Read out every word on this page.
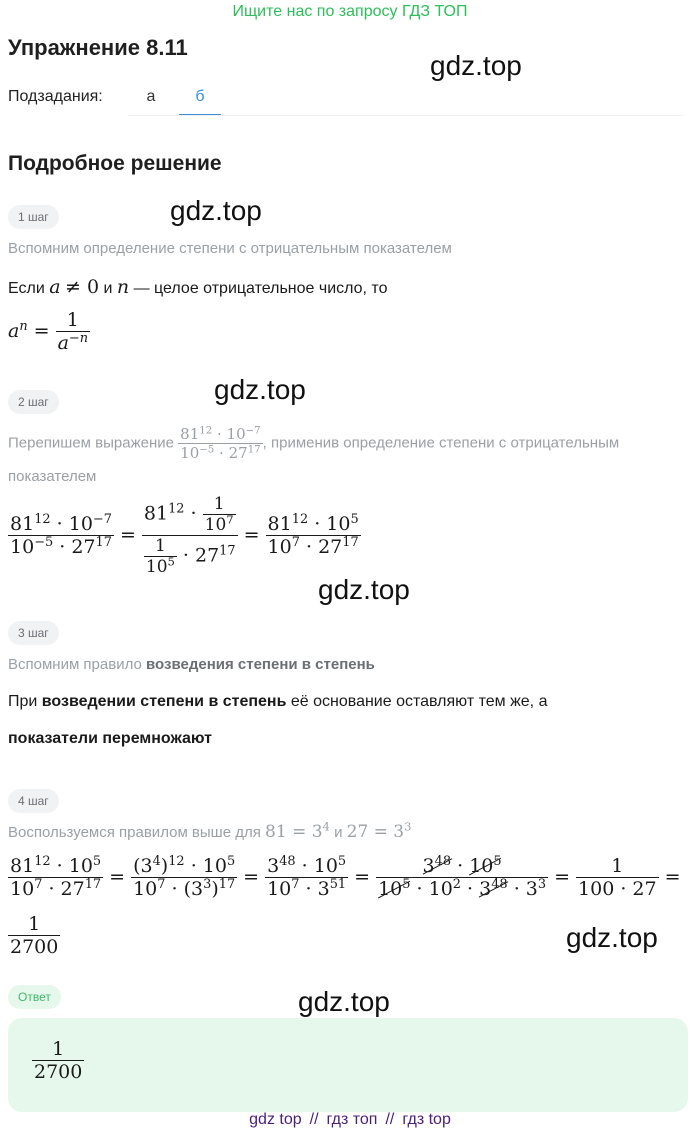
Ищите нас по запросу ГДЗ ТОП
Упражнение 8.11
gdz.top
gdz.top
gdz.top
gdz.top
gdz.top
gdz.top
Подзадания:	а	б
Подробное решение
1 шаг
Вспомним определение степени с отрицательным показателем
Если a ≠ 0 и n — целое отрицательное число, то
$a^n = \frac{1}{a^{-n}}$
2 шаг
Перепишем выражение $\frac{81^{12} \cdot 10^{-7}}{10^{-5} \cdot 27^{17}}$ , применив определение степени с отрицательным
показателем
$\frac{81^{12} \cdot 10^{-7}}{10^{-5} \cdot 27^{17}} = \frac{81^{12} \cdot \frac{1}{10^7}}{\frac{1}{10^5} \cdot 27^{17}} = \frac{81^{12} \cdot 10^5}{10^7 \cdot 27^{17}}$
3 шаг
Вспомним правило возведения степени в степень
При возведении степени в степень её основание оставляют тем же, а
показатели перемножают
4 шаг
Воспользуемся правилом выше для $81 = 3^4$ и $27 = 3^3$
$\frac{81^{12} \cdot 10^5}{10^7 \cdot 27^{17}} = \frac{(3^4)^{12} \cdot 10^5}{10^7 \cdot (3^3)^{17}} = \frac{3^{48} \cdot 10^5}{10^7 \cdot 3^{51}} = \frac{3^{48} \cdot 10^5}{10^5 \cdot 10^2 \cdot 3^{48} \cdot 3^3} = \frac{1}{100 \cdot 27}$ =
$\frac{1}{2700}$
Ответ
$\frac{1}{2700}$
gdz top // гдз топ // гдз top
